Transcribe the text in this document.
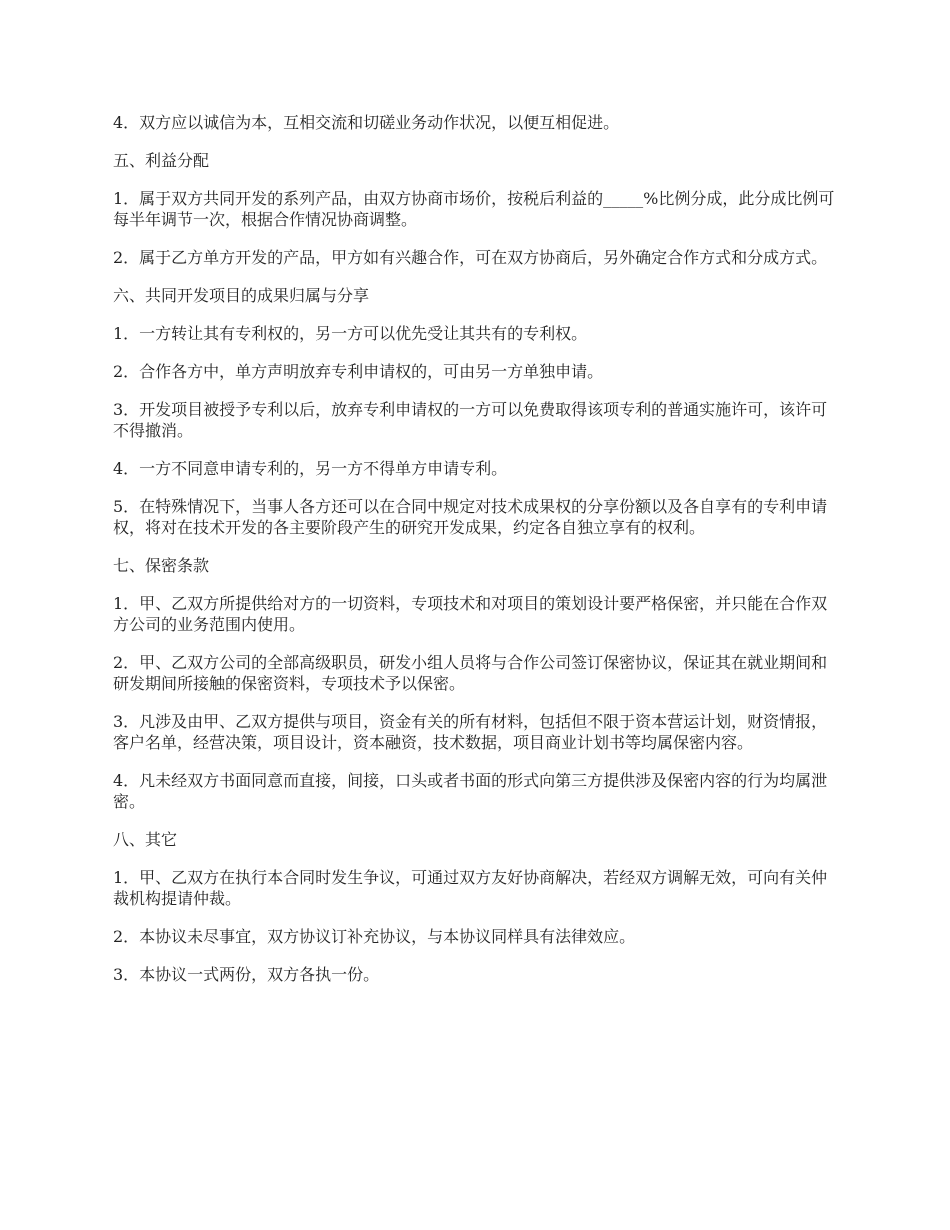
4．双方应以诚信为本，互相交流和切磋业务动作状况，以便互相促进。

五、利益分配

1．属于双方共同开发的系列产品，由双方协商市场价，按税后利益的_____%比例分成，此分成比例可每半年调节一次，根据合作情况协商调整。

2．属于乙方单方开发的产品，甲方如有兴趣合作，可在双方协商后，另外确定合作方式和分成方式。

六、共同开发项目的成果归属与分享

1．一方转让其有专利权的，另一方可以优先受让其共有的专利权。

2．合作各方中，单方声明放弃专利申请权的，可由另一方单独申请。

3．开发项目被授予专利以后，放弃专利申请权的一方可以免费取得该项专利的普通实施许可，该许可不得撤消。

4．一方不同意申请专利的，另一方不得单方申请专利。

5．在特殊情况下，当事人各方还可以在合同中规定对技术成果权的分享份额以及各自享有的专利申请权，将对在技术开发的各主要阶段产生的研究开发成果，约定各自独立享有的权利。

七、保密条款

1．甲、乙双方所提供给对方的一切资料，专项技术和对项目的策划设计要严格保密，并只能在合作双方公司的业务范围内使用。

2．甲、乙双方公司的全部高级职员，研发小组人员将与合作公司签订保密协议，保证其在就业期间和研发期间所接触的保密资料，专项技术予以保密。

3．凡涉及由甲、乙双方提供与项目，资金有关的所有材料，包括但不限于资本营运计划，财资情报，客户名单，经营决策，项目设计，资本融资，技术数据，项目商业计划书等均属保密内容。

4．凡未经双方书面同意而直接，间接，口头或者书面的形式向第三方提供涉及保密内容的行为均属泄密。

八、其它

1．甲、乙双方在执行本合同时发生争议，可通过双方友好协商解决，若经双方调解无效，可向有关仲裁机构提请仲裁。

2．本协议未尽事宜，双方协议订补充协议，与本协议同样具有法律效应。

3．本协议一式两份，双方各执一份。
